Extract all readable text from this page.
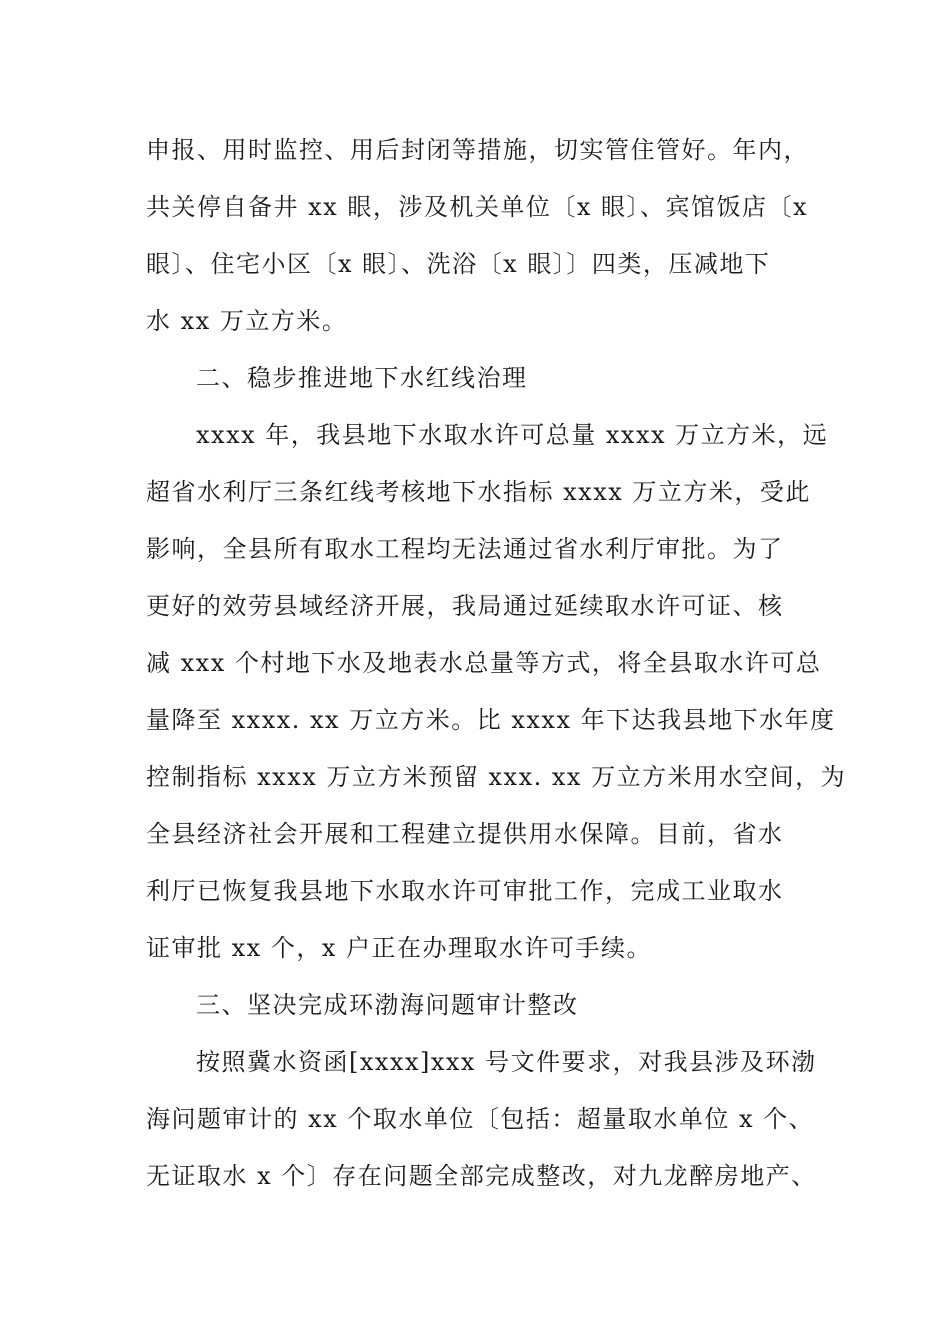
申报、用时监控、用后封闭等措施，切实管住管好。年内，
共关停自备井 xx 眼，涉及机关单位〔x 眼〕、宾馆饭店〔x
眼〕、住宅小区〔x 眼〕、洗浴〔x 眼〕〕四类，压减地下
水 xx 万立方米。
二、稳步推进地下水红线治理
xxxx 年，我县地下水取水许可总量 xxxx 万立方米，远
超省水利厅三条红线考核地下水指标 xxxx 万立方米，受此
影响，全县所有取水工程均无法通过省水利厅审批。为了
更好的效劳县域经济开展，我局通过延续取水许可证、核
减 xxx 个村地下水及地表水总量等方式，将全县取水许可总
量降至 xxxx. xx 万立方米。比 xxxx 年下达我县地下水年度
控制指标 xxxx 万立方米预留 xxx. xx 万立方米用水空间，为
全县经济社会开展和工程建立提供用水保障。目前，省水
利厅已恢复我县地下水取水许可审批工作，完成工业取水
证审批 xx 个，x 户正在办理取水许可手续。
三、坚决完成环渤海问题审计整改
按照冀水资函[xxxx]xxx 号文件要求，对我县涉及环渤
海问题审计的 xx 个取水单位〔包括：超量取水单位 x 个、
无证取水 x 个〕存在问题全部完成整改，对九龙醉房地产、
